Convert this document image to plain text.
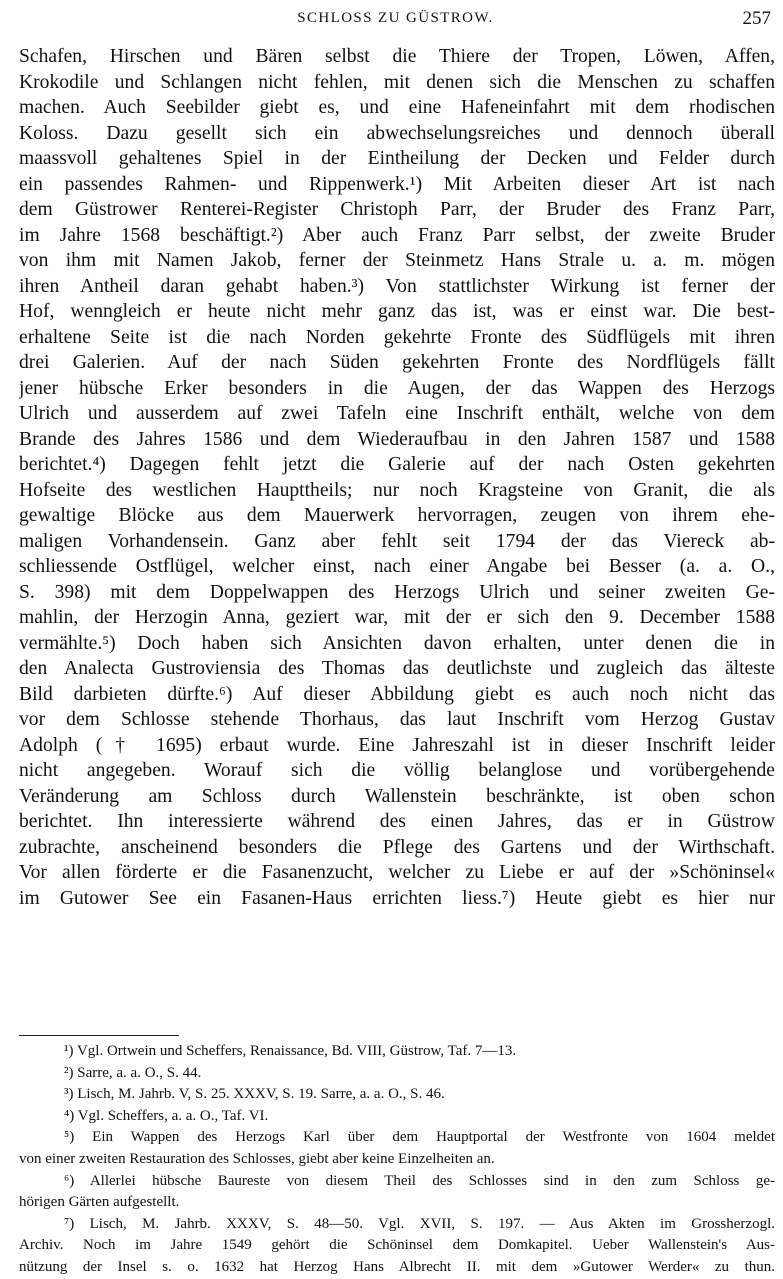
SCHLOSS ZU GÜSTROW.	257
Schafen, Hirschen und Bären selbst die Thiere der Tropen, Löwen, Affen,
Krokodile und Schlangen nicht fehlen, mit denen sich die Menschen zu schaffen
machen. Auch Seebilder giebt es, und eine Hafeneinfahrt mit dem rhodischen
Koloss. Dazu gesellt sich ein abwechselungsreiches und dennoch überall
maassvoll gehaltenes Spiel in der Eintheilung der Decken und Felder durch
ein passendes Rahmen- und Rippenwerk.¹) Mit Arbeiten dieser Art ist nach
dem Güstrower Renterei-Register Christoph Parr, der Bruder des Franz Parr,
im Jahre 1568 beschäftigt.²) Aber auch Franz Parr selbst, der zweite Bruder
von ihm mit Namen Jakob, ferner der Steinmetz Hans Strale u. a. m. mögen
ihren Antheil daran gehabt haben.³) Von stattlichster Wirkung ist ferner der
Hof, wenngleich er heute nicht mehr ganz das ist, was er einst war. Die best-
erhaltene Seite ist die nach Norden gekehrte Fronte des Südflügels mit ihren
drei Galerien. Auf der nach Süden gekehrten Fronte des Nordflügels fällt
jener hübsche Erker besonders in die Augen, der das Wappen des Herzogs
Ulrich und ausserdem auf zwei Tafeln eine Inschrift enthält, welche von dem
Brande des Jahres 1586 und dem Wiederaufbau in den Jahren 1587 und 1588
berichtet.⁴) Dagegen fehlt jetzt die Galerie auf der nach Osten gekehrten
Hofseite des westlichen Haupttheils; nur noch Kragsteine von Granit, die als
gewaltige Blöcke aus dem Mauerwerk hervorragen, zeugen von ihrem ehe-
maligen Vorhandensein. Ganz aber fehlt seit 1794 der das Viereck ab-
schliessende Ostflügel, welcher einst, nach einer Angabe bei Besser (a. a. O.,
S. 398) mit dem Doppelwappen des Herzogs Ulrich und seiner zweiten Ge-
mahlin, der Herzogin Anna, geziert war, mit der er sich den 9. December 1588
vermählte.⁵) Doch haben sich Ansichten davon erhalten, unter denen die in
den Analecta Gustroviensia des Thomas das deutlichste und zugleich das älteste
Bild darbieten dürfte.⁶) Auf dieser Abbildung giebt es auch noch nicht das
vor dem Schlosse stehende Thorhaus, das laut Inschrift vom Herzog Gustav
Adolph († 1695) erbaut wurde. Eine Jahreszahl ist in dieser Inschrift leider
nicht angegeben. Worauf sich die völlig belanglose und vorübergehende
Veränderung am Schloss durch Wallenstein beschränkte, ist oben schon
berichtet. Ihn interessierte während des einen Jahres, das er in Güstrow
zubrachte, anscheinend besonders die Pflege des Gartens und der Wirthschaft.
Vor allen förderte er die Fasanenzucht, welcher zu Liebe er auf der »Schöninsel«
im Gutower See ein Fasanen-Haus errichten liess.⁷) Heute giebt es hier nur
¹) Vgl. Ortwein und Scheffers, Renaissance, Bd. VIII, Güstrow, Taf. 7—13.
²) Sarre, a. a. O., S. 44.
³) Lisch, M. Jahrb. V, S. 25. XXXV, S. 19. Sarre, a. a. O., S. 46.
⁴) Vgl. Scheffers, a. a. O., Taf. VI.
⁵) Ein Wappen des Herzogs Karl über dem Hauptportal der Westfronte von 1604 meldet
von einer zweiten Restauration des Schlosses, giebt aber keine Einzelheiten an.
⁶) Allerlei hübsche Baureste von diesem Theil des Schlosses sind in den zum Schloss ge-
hörigen Gärten aufgestellt.
⁷) Lisch, M. Jahrb. XXXV, S. 48—50. Vgl. XVII, S. 197. — Aus Akten im Grossherzogl.
Archiv. Noch im Jahre 1549 gehört die Schöninsel dem Domkapitel. Ueber Wallenstein's Aus-
nützung der Insel s. o. 1632 hat Herzog Hans Albrecht II. mit dem »Gutower Werder« zu thun.
